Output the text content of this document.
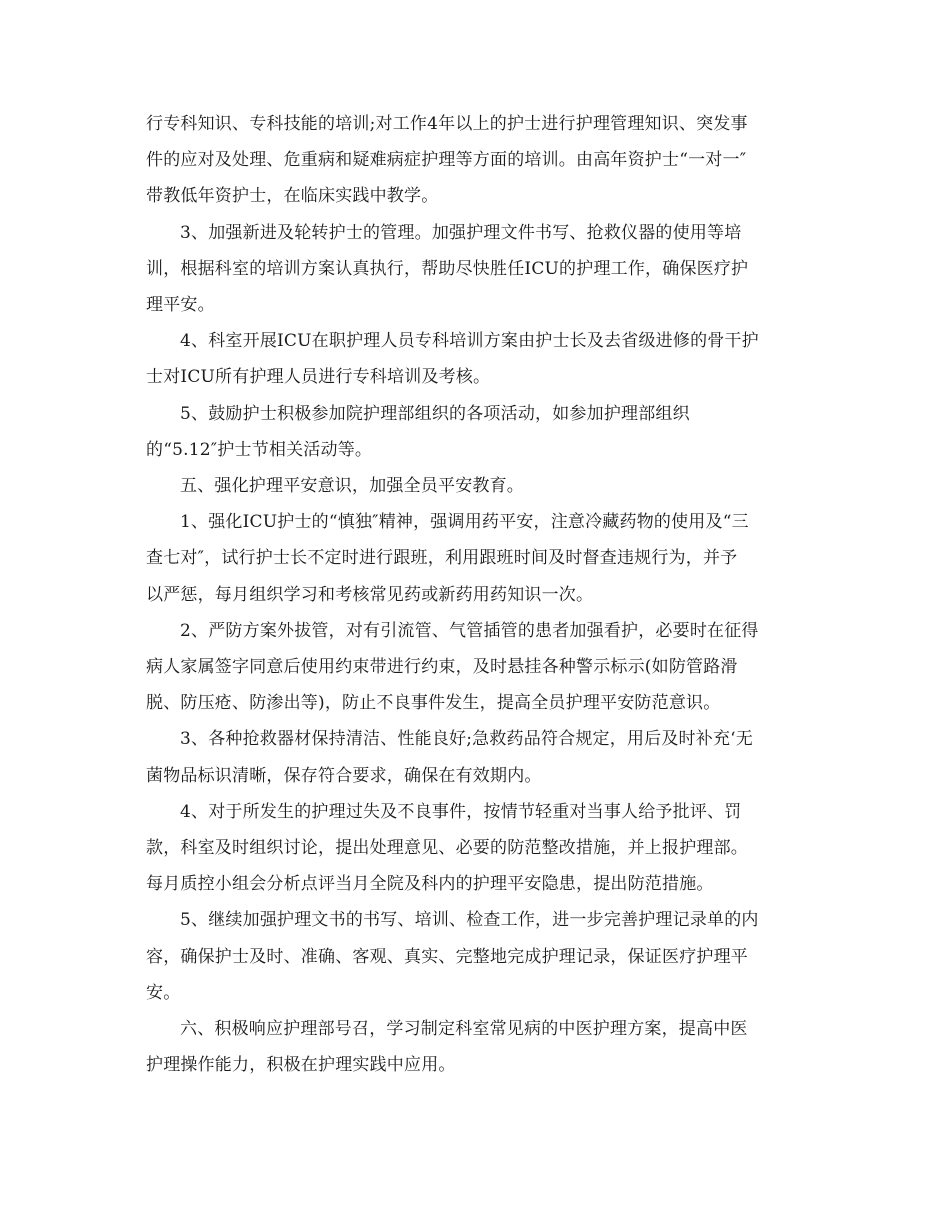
行专科知识、专科技能的培训;对工作4年以上的护士进行护理管理知识、突发事
件的应对及处理、危重病和疑难病症护理等方面的培训。由高年资护士“一对一″
带教低年资护士，在临床实践中教学。
3、加强新进及轮转护士的管理。加强护理文件书写、抢救仪器的使用等培
训，根据科室的培训方案认真执行，帮助尽快胜任ICU的护理工作，确保医疗护
理平安。
4、科室开展ICU在职护理人员专科培训方案由护士长及去省级进修的骨干护
士对ICU所有护理人员进行专科培训及考核。
5、鼓励护士积极参加院护理部组织的各项活动，如参加护理部组织
的“5.12″护士节相关活动等。
五、强化护理平安意识，加强全员平安教育。
1、强化ICU护士的“慎独″精神，强调用药平安，注意冷藏药物的使用及“三
查七对″，试行护士长不定时进行跟班，利用跟班时间及时督查违规行为，并予
以严惩，每月组织学习和考核常见药或新药用药知识一次。
2、严防方案外拔管，对有引流管、气管插管的患者加强看护，必要时在征得
病人家属签字同意后使用约束带进行约束，及时悬挂各种警示标示(如防管路滑
脱、防压疮、防渗出等)，防止不良事件发生，提高全员护理平安防范意识。
3、各种抢救器材保持清洁、性能良好;急救药品符合规定，用后及时补充‘无
菌物品标识清晰，保存符合要求，确保在有效期内。
4、对于所发生的护理过失及不良事件，按情节轻重对当事人给予批评、罚
款，科室及时组织讨论，提出处理意见、必要的防范整改措施，并上报护理部。
每月质控小组会分析点评当月全院及科内的护理平安隐患，提出防范措施。
5、继续加强护理文书的书写、培训、检查工作，进一步完善护理记录单的内
容，确保护士及时、准确、客观、真实、完整地完成护理记录，保证医疗护理平
安。
六、积极响应护理部号召，学习制定科室常见病的中医护理方案，提高中医
护理操作能力，积极在护理实践中应用。
